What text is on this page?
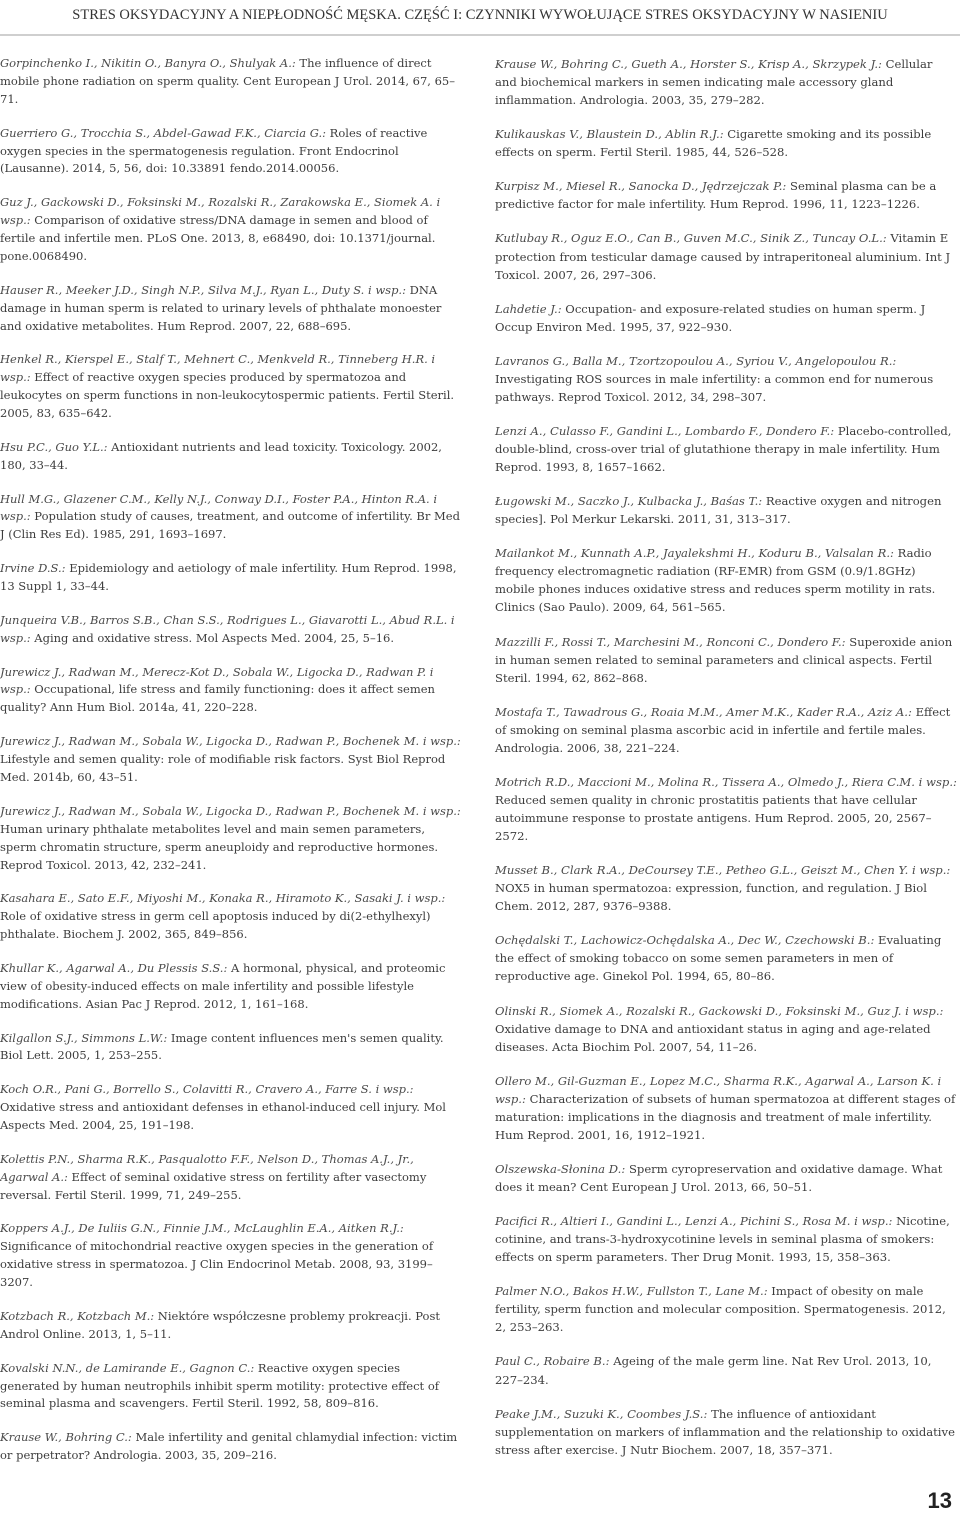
STRES OKSYDACYJNY A NIEPŁODNOŚĆ MĘSKA. CZĘŚĆ I: CZYNNIKI WYWOŁUJĄCE STRES OKSYDACYJNY W NASIENIU

Gorpinchenko I., Nikitin O., Banyra O., Shulyak A.: The influence of direct mobile phone radiation on sperm quality. Cent European J Urol. 2014, 67, 65–71.

Guerriero G., Trocchia S., Abdel-Gawad F.K., Ciarcia G.: Roles of reactive oxygen species in the spermatogenesis regulation. Front Endocrinol (Lausanne). 2014, 5, 56, doi: 10.33891 fendo.2014.00056.

Guz J., Gackowski D., Foksinski M., Rozalski R., Zarakowska E., Siomek A. i wsp.: Comparison of oxidative stress/DNA damage in semen and blood of fertile and infertile men. PLoS One. 2013, 8, e68490, doi: 10.1371/journal. pone.0068490.

Hauser R., Meeker J.D., Singh N.P., Silva M.J., Ryan L., Duty S. i wsp.: DNA damage in human sperm is related to urinary levels of phthalate monoester and oxidative metabolites. Hum Reprod. 2007, 22, 688–695.

Henkel R., Kierspel E., Stalf T., Mehnert C., Menkveld R., Tinneberg H.R. i wsp.: Effect of reactive oxygen species produced by spermatozoa and leukocytes on sperm functions in non-leukocytospermic patients. Fertil Steril. 2005, 83, 635–642.

Hsu P.C., Guo Y.L.: Antioxidant nutrients and lead toxicity. Toxicology. 2002, 180, 33–44.

Hull M.G., Glazener C.M., Kelly N.J., Conway D.I., Foster P.A., Hinton R.A. i wsp.: Population study of causes, treatment, and outcome of infertility. Br Med J (Clin Res Ed). 1985, 291, 1693–1697.

Irvine D.S.: Epidemiology and aetiology of male infertility. Hum Reprod. 1998, 13 Suppl 1, 33–44.

Junqueira V.B., Barros S.B., Chan S.S., Rodrigues L., Giavarotti L., Abud R.L. i wsp.: Aging and oxidative stress. Mol Aspects Med. 2004, 25, 5–16.

Jurewicz J., Radwan M., Merecz-Kot D., Sobala W., Ligocka D., Radwan P. i wsp.: Occupational, life stress and family functioning: does it affect semen quality? Ann Hum Biol. 2014a, 41, 220–228.

Jurewicz J., Radwan M., Sobala W., Ligocka D., Radwan P., Bochenek M. i wsp.: Lifestyle and semen quality: role of modifiable risk factors. Syst Biol Reprod Med. 2014b, 60, 43–51.

Jurewicz J., Radwan M., Sobala W., Ligocka D., Radwan P., Bochenek M. i wsp.: Human urinary phthalate metabolites level and main semen parameters, sperm chromatin structure, sperm aneuploidy and reproductive hormones. Reprod Toxicol. 2013, 42, 232–241.

Kasahara E., Sato E.F., Miyoshi M., Konaka R., Hiramoto K., Sasaki J. i wsp.: Role of oxidative stress in germ cell apoptosis induced by di(2-ethylhexyl) phthalate. Biochem J. 2002, 365, 849–856.

Khullar K., Agarwal A., Du Plessis S.S.: A hormonal, physical, and proteomic view of obesity-induced effects on male infertility and possible lifestyle modifications. Asian Pac J Reprod. 2012, 1, 161–168.

Kilgallon S.J., Simmons L.W.: Image content influences men's semen quality. Biol Lett. 2005, 1, 253–255.

Koch O.R., Pani G., Borrello S., Colavitti R., Cravero A., Farre S. i wsp.: Oxidative stress and antioxidant defenses in ethanol-induced cell injury. Mol Aspects Med. 2004, 25, 191–198.

Kolettis P.N., Sharma R.K., Pasqualotto F.F., Nelson D., Thomas A.J., Jr., Agarwal A.: Effect of seminal oxidative stress on fertility after vasectomy reversal. Fertil Steril. 1999, 71, 249–255.

Koppers A.J., De Iuliis G.N., Finnie J.M., McLaughlin E.A., Aitken R.J.: Significance of mitochondrial reactive oxygen species in the generation of oxidative stress in spermatozoa. J Clin Endocrinol Metab. 2008, 93, 3199–3207.

Kotzbach R., Kotzbach M.: Niektóre współczesne problemy prokreacji. Post Androl Online. 2013, 1, 5–11.

Kovalski N.N., de Lamirande E., Gagnon C.: Reactive oxygen species generated by human neutrophils inhibit sperm motility: protective effect of seminal plasma and scavengers. Fertil Steril. 1992, 58, 809–816.

Krause W., Bohring C.: Male infertility and genital chlamydial infection: victim or perpetrator? Andrologia. 2003, 35, 209–216.

Krause W., Bohring C., Gueth A., Horster S., Krisp A., Skrzypek J.: Cellular and biochemical markers in semen indicating male accessory gland inflammation. Andrologia. 2003, 35, 279–282.

Kulikauskas V., Blaustein D., Ablin R.J.: Cigarette smoking and its possible effects on sperm. Fertil Steril. 1985, 44, 526–528.

Kurpisz M., Miesel R., Sanocka D., Jędrzejczak P.: Seminal plasma can be a predictive factor for male infertility. Hum Reprod. 1996, 11, 1223–1226.

Kutlubay R., Oguz E.O., Can B., Guven M.C., Sinik Z., Tuncay O.L.: Vitamin E protection from testicular damage caused by intraperitoneal aluminium. Int J Toxicol. 2007, 26, 297–306.

Lahdetie J.: Occupation- and exposure-related studies on human sperm. J Occup Environ Med. 1995, 37, 922–930.

Lavranos G., Balla M., Tzortzopoulou A., Syriou V., Angelopoulou R.: Investigating ROS sources in male infertility: a common end for numerous pathways. Reprod Toxicol. 2012, 34, 298–307.

Lenzi A., Culasso F., Gandini L., Lombardo F., Dondero F.: Placebo-controlled, double-blind, cross-over trial of glutathione therapy in male infertility. Hum Reprod. 1993, 8, 1657–1662.

Ługowski M., Saczko J., Kulbacka J., Baśas T.: Reactive oxygen and nitrogen species]. Pol Merkur Lekarski. 2011, 31, 313–317.

Mailankot M., Kunnath A.P., Jayalekshmi H., Koduru B., Valsalan R.: Radio frequency electromagnetic radiation (RF-EMR) from GSM (0.9/1.8GHz) mobile phones induces oxidative stress and reduces sperm motility in rats. Clinics (Sao Paulo). 2009, 64, 561–565.

Mazzilli F., Rossi T., Marchesini M., Ronconi C., Dondero F.: Superoxide anion in human semen related to seminal parameters and clinical aspects. Fertil Steril. 1994, 62, 862–868.

Mostafa T., Tawadrous G., Roaia M.M., Amer M.K., Kader R.A., Aziz A.: Effect of smoking on seminal plasma ascorbic acid in infertile and fertile males. Andrologia. 2006, 38, 221–224.

Motrich R.D., Maccioni M., Molina R., Tissera A., Olmedo J., Riera C.M. i wsp.: Reduced semen quality in chronic prostatitis patients that have cellular autoimmune response to prostate antigens. Hum Reprod. 2005, 20, 2567–2572.

Musset B., Clark R.A., DeCoursey T.E., Petheo G.L., Geiszt M., Chen Y. i wsp.: NOX5 in human spermatozoa: expression, function, and regulation. J Biol Chem. 2012, 287, 9376–9388.

Ochędalski T., Lachowicz-Ochędalska A., Dec W., Czechowski B.: Evaluating the effect of smoking tobacco on some semen parameters in men of reproductive age. Ginekol Pol. 1994, 65, 80–86.

Olinski R., Siomek A., Rozalski R., Gackowski D., Foksinski M., Guz J. i wsp.: Oxidative damage to DNA and antioxidant status in aging and age-related diseases. Acta Biochim Pol. 2007, 54, 11–26.

Ollero M., Gil-Guzman E., Lopez M.C., Sharma R.K., Agarwal A., Larson K. i wsp.: Characterization of subsets of human spermatozoa at different stages of maturation: implications in the diagnosis and treatment of male infertility. Hum Reprod. 2001, 16, 1912–1921.

Olszewska-Słonina D.: Sperm cyropreservation and oxidative damage. What does it mean? Cent European J Urol. 2013, 66, 50–51.

Pacifici R., Altieri I., Gandini L., Lenzi A., Pichini S., Rosa M. i wsp.: Nicotine, cotinine, and trans-3-hydroxycotinine levels in seminal plasma of smokers: effects on sperm parameters. Ther Drug Monit. 1993, 15, 358–363.

Palmer N.O., Bakos H.W., Fullston T., Lane M.: Impact of obesity on male fertility, sperm function and molecular composition. Spermatogenesis. 2012, 2, 253–263.

Paul C., Robaire B.: Ageing of the male germ line. Nat Rev Urol. 2013, 10, 227–234.

Peake J.M., Suzuki K., Coombes J.S.: The influence of antioxidant supplementation on markers of inflammation and the relationship to oxidative stress after exercise. J Nutr Biochem. 2007, 18, 357–371.

13
